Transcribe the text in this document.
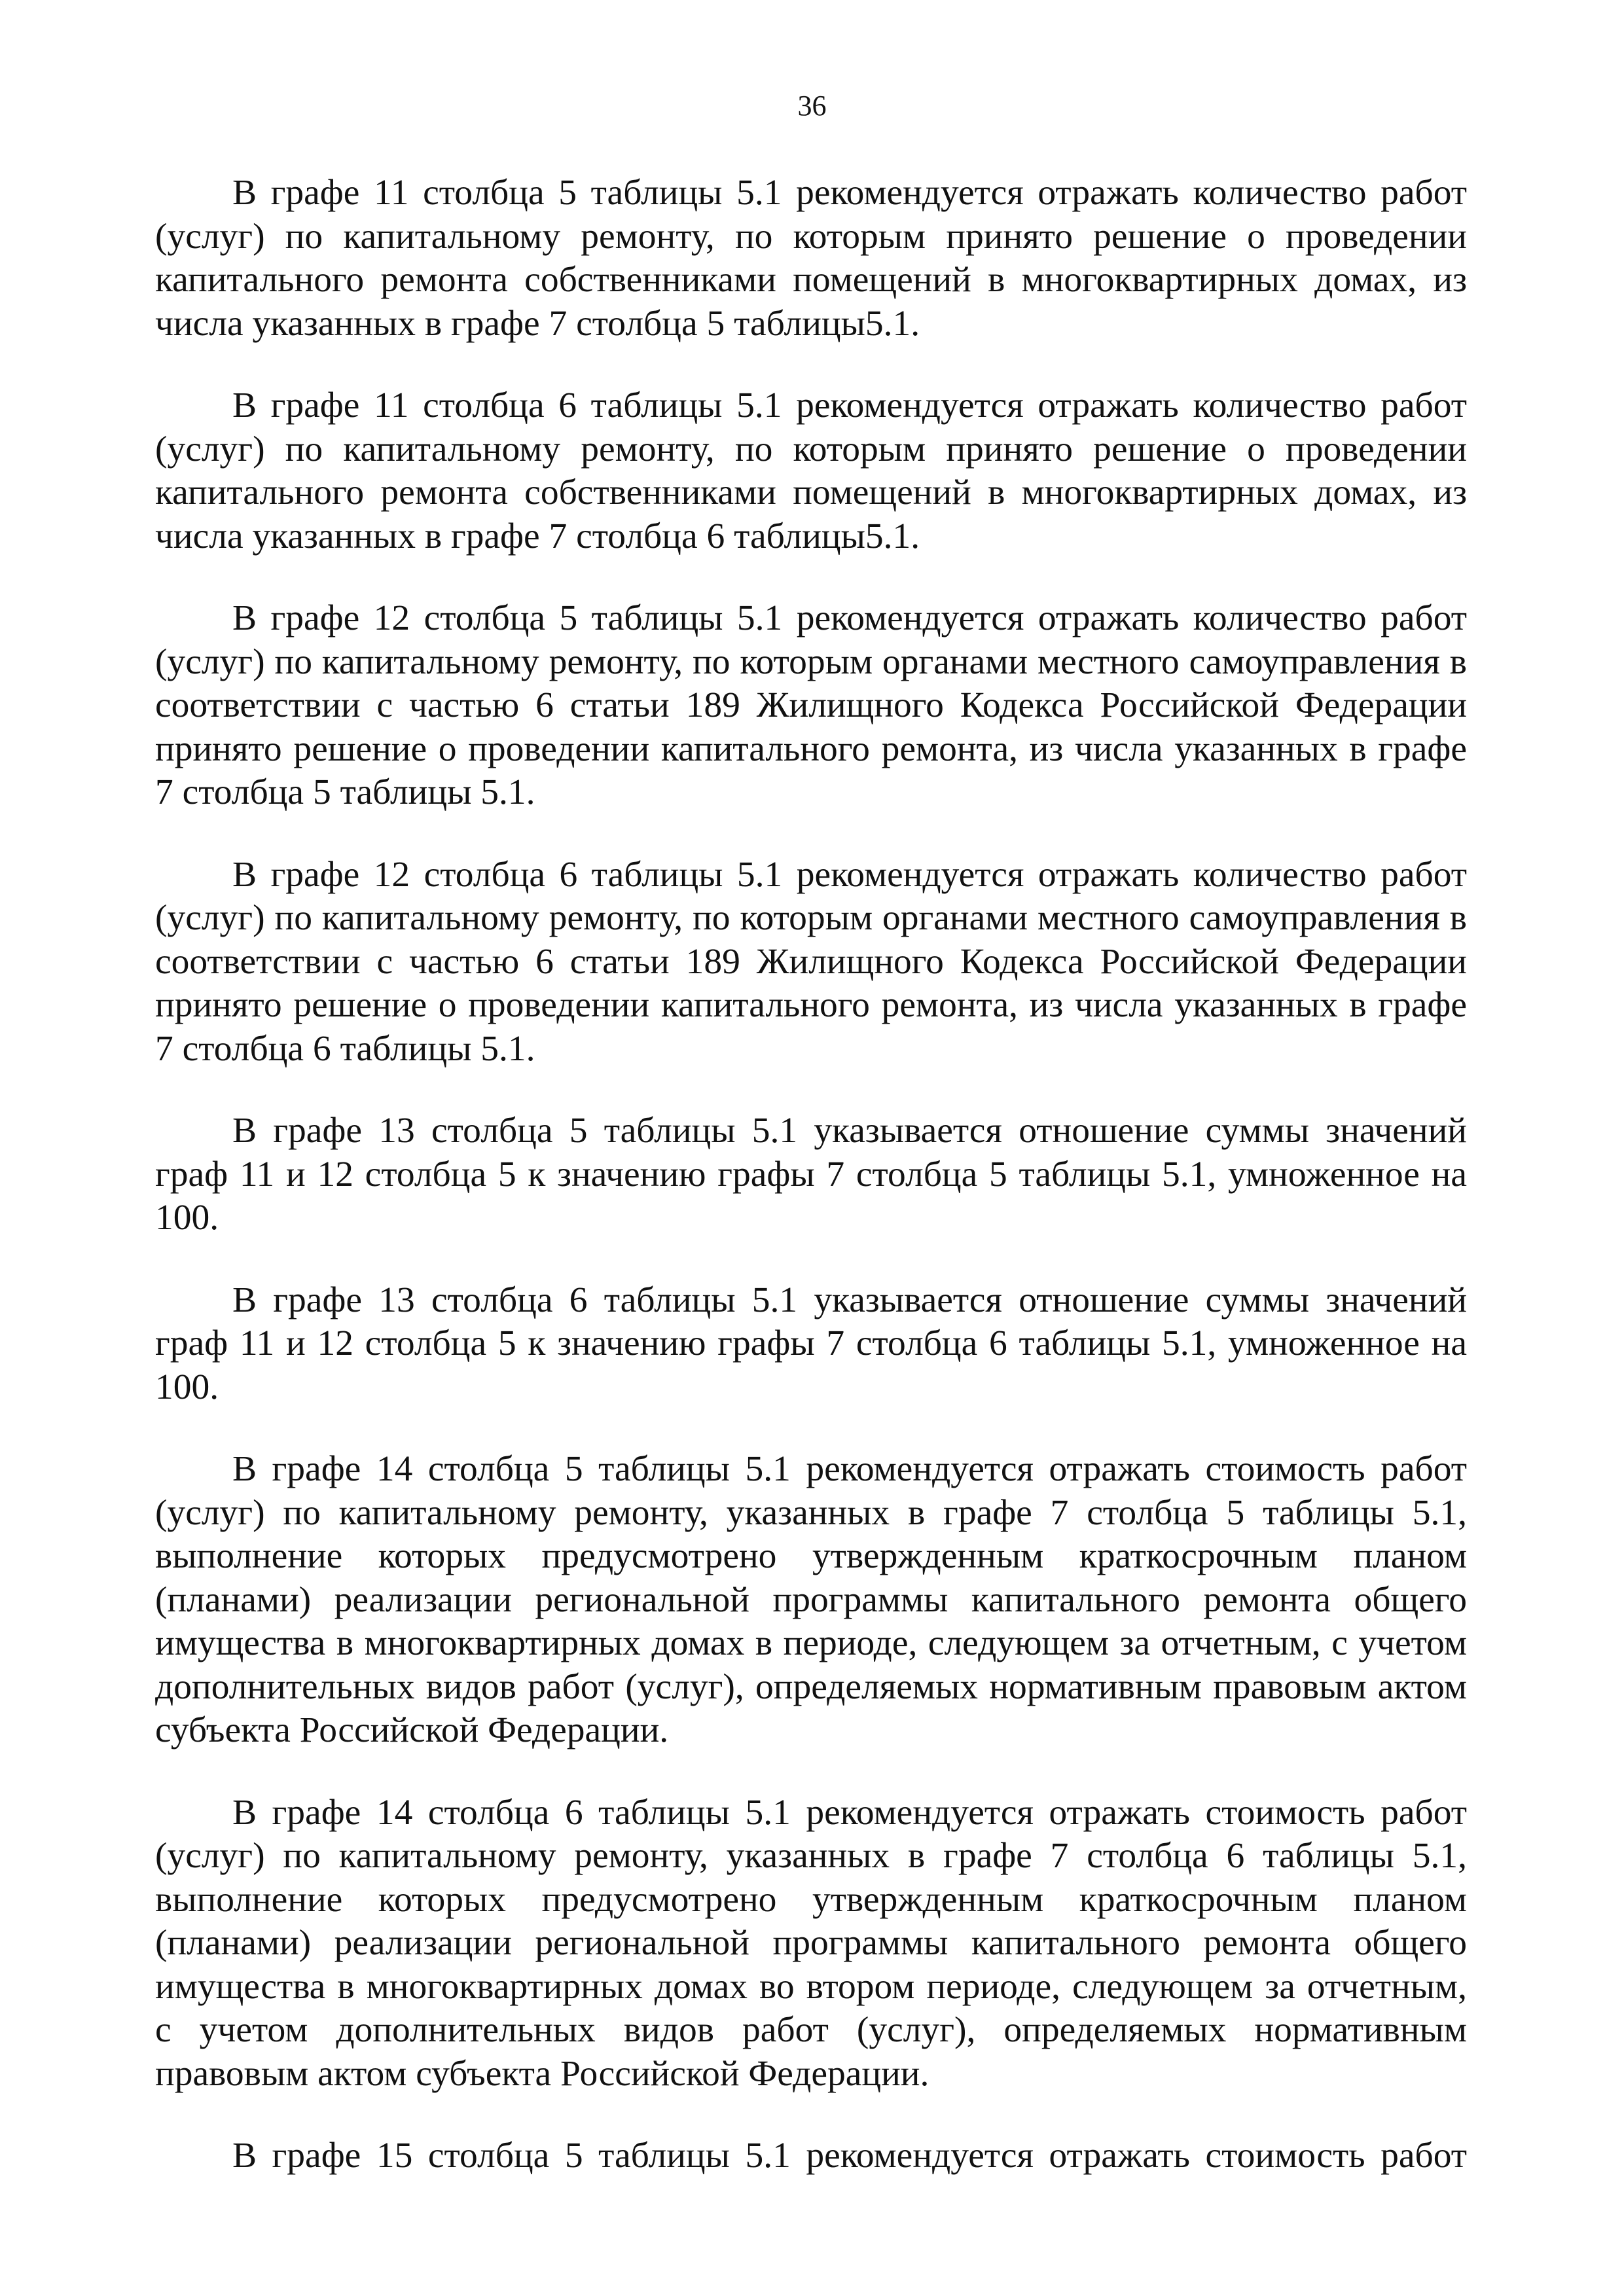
36

В графе 11 столбца 5 таблицы 5.1 рекомендуется отражать количество работ (услуг) по капитальному ремонту, по которым принято решение о проведении капитального ремонта собственниками помещений в многоквартирных домах, из числа указанных в графе 7 столбца 5 таблицы5.1.

В графе 11 столбца 6 таблицы 5.1 рекомендуется отражать количество работ (услуг) по капитальному ремонту, по которым принято решение о проведении капитального ремонта собственниками помещений в многоквартирных домах, из числа указанных в графе 7 столбца 6 таблицы5.1.

В графе 12 столбца 5 таблицы 5.1 рекомендуется отражать количество работ (услуг) по капитальному ремонту, по которым органами местного самоуправления в соответствии с частью 6 статьи 189 Жилищного Кодекса Российской Федерации принято решение о проведении капитального ремонта, из числа указанных в графе 7 столбца 5 таблицы 5.1.

В графе 12 столбца 6 таблицы 5.1 рекомендуется отражать количество работ (услуг) по капитальному ремонту, по которым органами местного самоуправления в соответствии с частью 6 статьи 189 Жилищного Кодекса Российской Федерации принято решение о проведении капитального ремонта, из числа указанных в графе 7 столбца 6 таблицы 5.1.

В графе 13 столбца 5 таблицы 5.1 указывается отношение суммы значений граф 11 и 12 столбца 5 к значению графы 7 столбца 5 таблицы 5.1, умноженное на 100.

В графе 13 столбца 6 таблицы 5.1 указывается отношение суммы значений граф 11 и 12 столбца 5 к значению графы 7 столбца 6 таблицы 5.1, умноженное на 100.

В графе 14 столбца 5 таблицы 5.1 рекомендуется отражать стоимость работ (услуг) по капитальному ремонту, указанных в графе 7 столбца 5 таблицы 5.1, выполнение которых предусмотрено утвержденным краткосрочным планом (планами) реализации региональной программы капитального ремонта общего имущества в многоквартирных домах в периоде, следующем за отчетным, с учетом дополнительных видов работ (услуг), определяемых нормативным правовым актом субъекта Российской Федерации.

В графе 14 столбца 6 таблицы 5.1 рекомендуется отражать стоимость работ (услуг) по капитальному ремонту, указанных в графе 7 столбца 6 таблицы 5.1, выполнение которых предусмотрено утвержденным краткосрочным планом (планами) реализации региональной программы капитального ремонта общего имущества в многоквартирных домах во втором периоде, следующем за отчетным, с учетом дополнительных видов работ (услуг), определяемых нормативным правовым актом субъекта Российской Федерации.

В графе 15 столбца 5 таблицы 5.1 рекомендуется отражать стоимость работ
